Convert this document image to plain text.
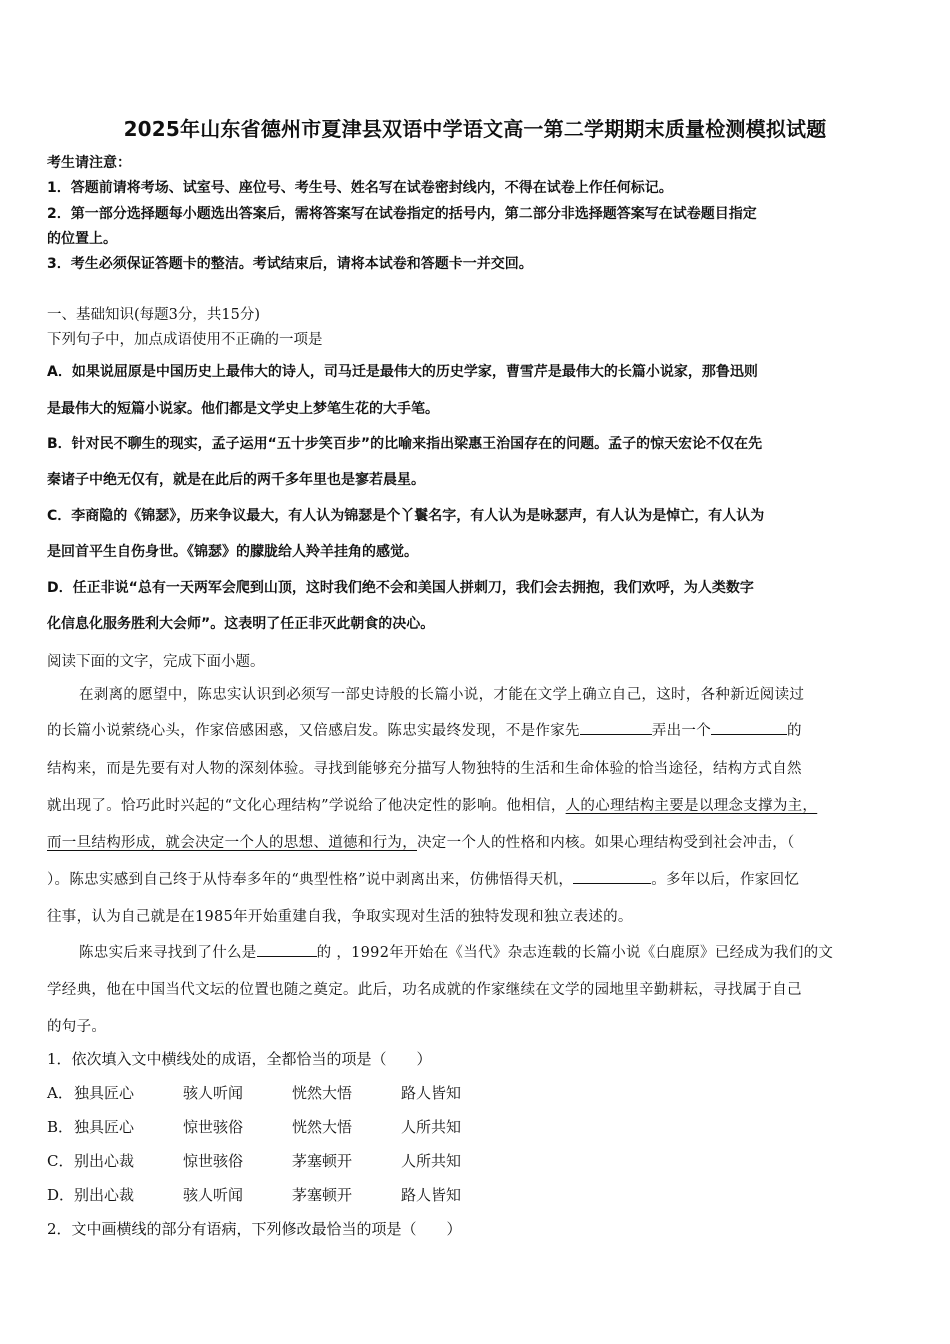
2025年山东省德州市夏津县双语中学语文高一第二学期期末质量检测模拟试题
考生请注意：
1．答题前请将考场、试室号、座位号、考生号、姓名写在试卷密封线内，不得在试卷上作任何标记。
2．第一部分选择题每小题选出答案后，需将答案写在试卷指定的括号内，第二部分非选择题答案写在试卷题目指定
的位置上。
3．考生必须保证答题卡的整洁。考试结束后，请将本试卷和答题卡一并交回。
一、基础知识(每题3分，共15分)
下列句子中，加点成语使用不正确的一项是
A．如果说屈原是中国历史上最伟大的诗人，司马迁是最伟大的历史学家，曹雪芹是最伟大的长篇小说家，那鲁迅则
是最伟大的短篇小说家。他们都是文学史上梦笔生花的大手笔。
B．针对民不聊生的现实，孟子运用“五十步笑百步”的比喻来指出梁惠王治国存在的问题。孟子的惊天宏论不仅在先
秦诸子中绝无仅有，就是在此后的两千多年里也是寥若晨星。
C．李商隐的《锦瑟》，历来争议最大，有人认为锦瑟是个丫鬟名字，有人认为是咏瑟声，有人认为是悼亡，有人认为
是回首平生自伤身世。《锦瑟》的朦胧给人羚羊挂角的感觉。
D．任正非说“总有一天两军会爬到山顶，这时我们绝不会和美国人拼刺刀，我们会去拥抱，我们欢呼，为人类数字
化信息化服务胜利大会师”。这表明了任正非灭此朝食的决心。
阅读下面的文字，完成下面小题。
在剥离的愿望中，陈忠实认识到必须写一部史诗般的长篇小说，才能在文学上确立自己，这时，各种新近阅读过
的长篇小说萦绕心头，作家倍感困惑，又倍感启发。陈忠实最终发现，不是作家先	弄出一个	的
结构来，而是先要有对人物的深刻体验。寻找到能够充分描写人物独特的生活和生命体验的恰当途径，结构方式自然
就出现了。恰巧此时兴起的“文化心理结构”学说给了他决定性的影响。他相信，人的心理结构主要是以理念支撑为主，
而一旦结构形成，就会决定一个人的思想、道德和行为，决定一个人的性格和内核。如果心理结构受到社会冲击，（
）。陈忠实感到自己终于从恃奉多年的“典型性格”说中剥离出来，仿佛悟得天机，	。多年以后，作家回忆
往事，认为自己就是在1985年开始重建自我，争取实现对生活的独特发现和独立表述的。
陈忠实后来寻找到了什么是	的 ，1992年开始在《当代》杂志连载的长篇小说《白鹿原》已经成为我们的文
学经典，他在中国当代文坛的位置也随之奠定。此后，功名成就的作家继续在文学的园地里辛勤耕耘，寻找属于自己
的句子。
1．依次填入文中横线处的成语，全都恰当的项是（　　）
A． 独具匠心	骇人听闻	恍然大悟	路人皆知
B． 独具匠心	惊世骇俗	恍然大悟	人所共知
C． 别出心裁	惊世骇俗	茅塞顿开	人所共知
D． 别出心裁	骇人听闻	茅塞顿开	路人皆知
2．文中画横线的部分有语病，下列修改最恰当的项是（　　）
